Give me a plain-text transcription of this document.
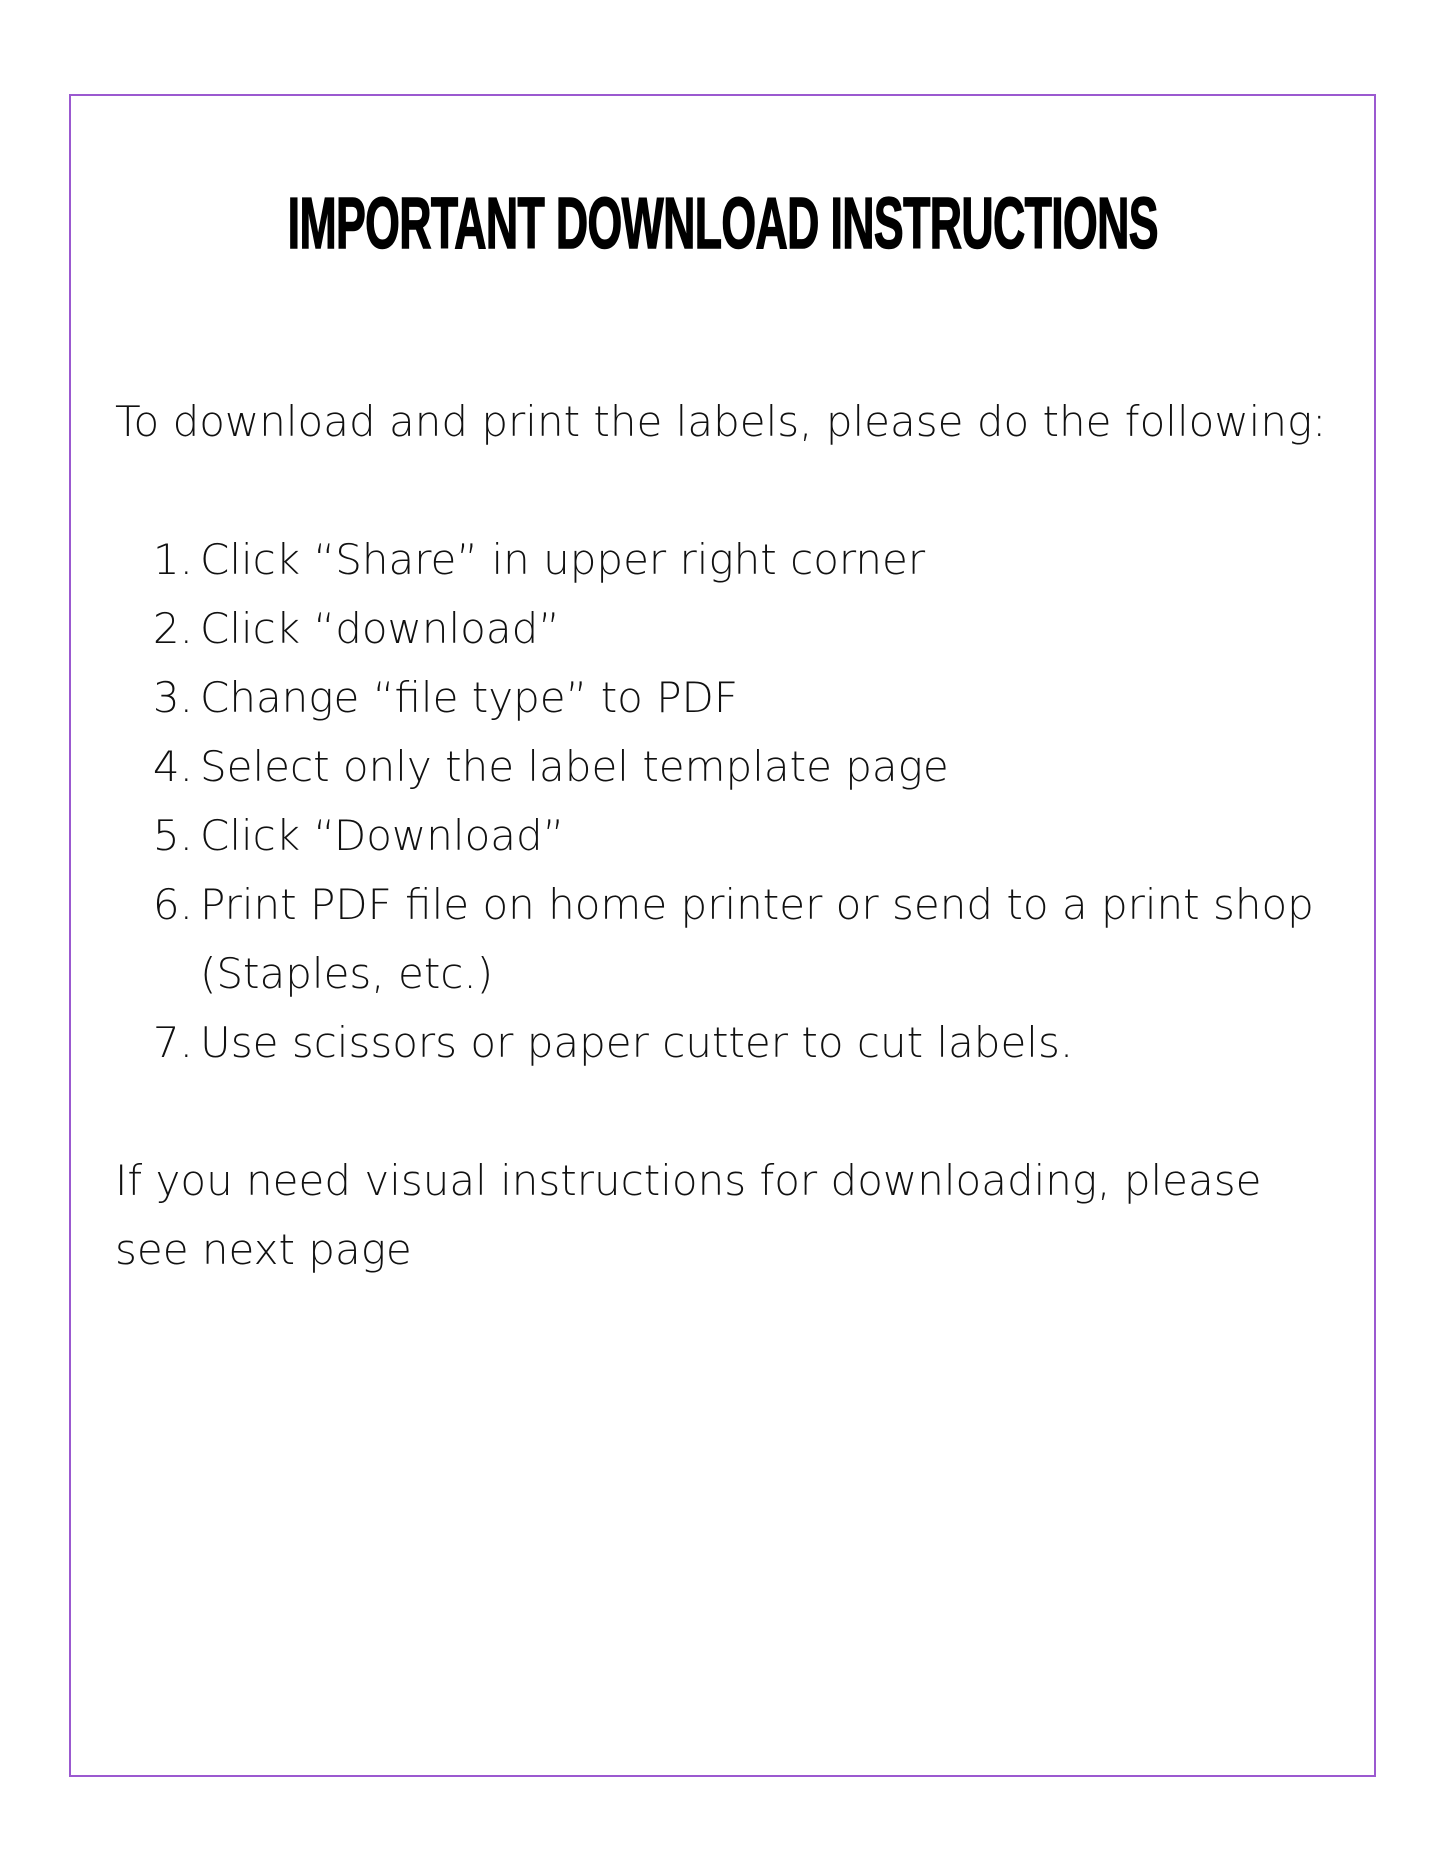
IMPORTANT DOWNLOAD INSTRUCTIONS

To download and print the labels, please do the following:

1. Click “Share” in upper right corner
2. Click “download”
3. Change “file type” to PDF
4. Select only the label template page
5. Click “Download”
6. Print PDF file on home printer or send to a print shop (Staples, etc.)
7. Use scissors or paper cutter to cut labels.

If you need visual instructions for downloading, please see next page
